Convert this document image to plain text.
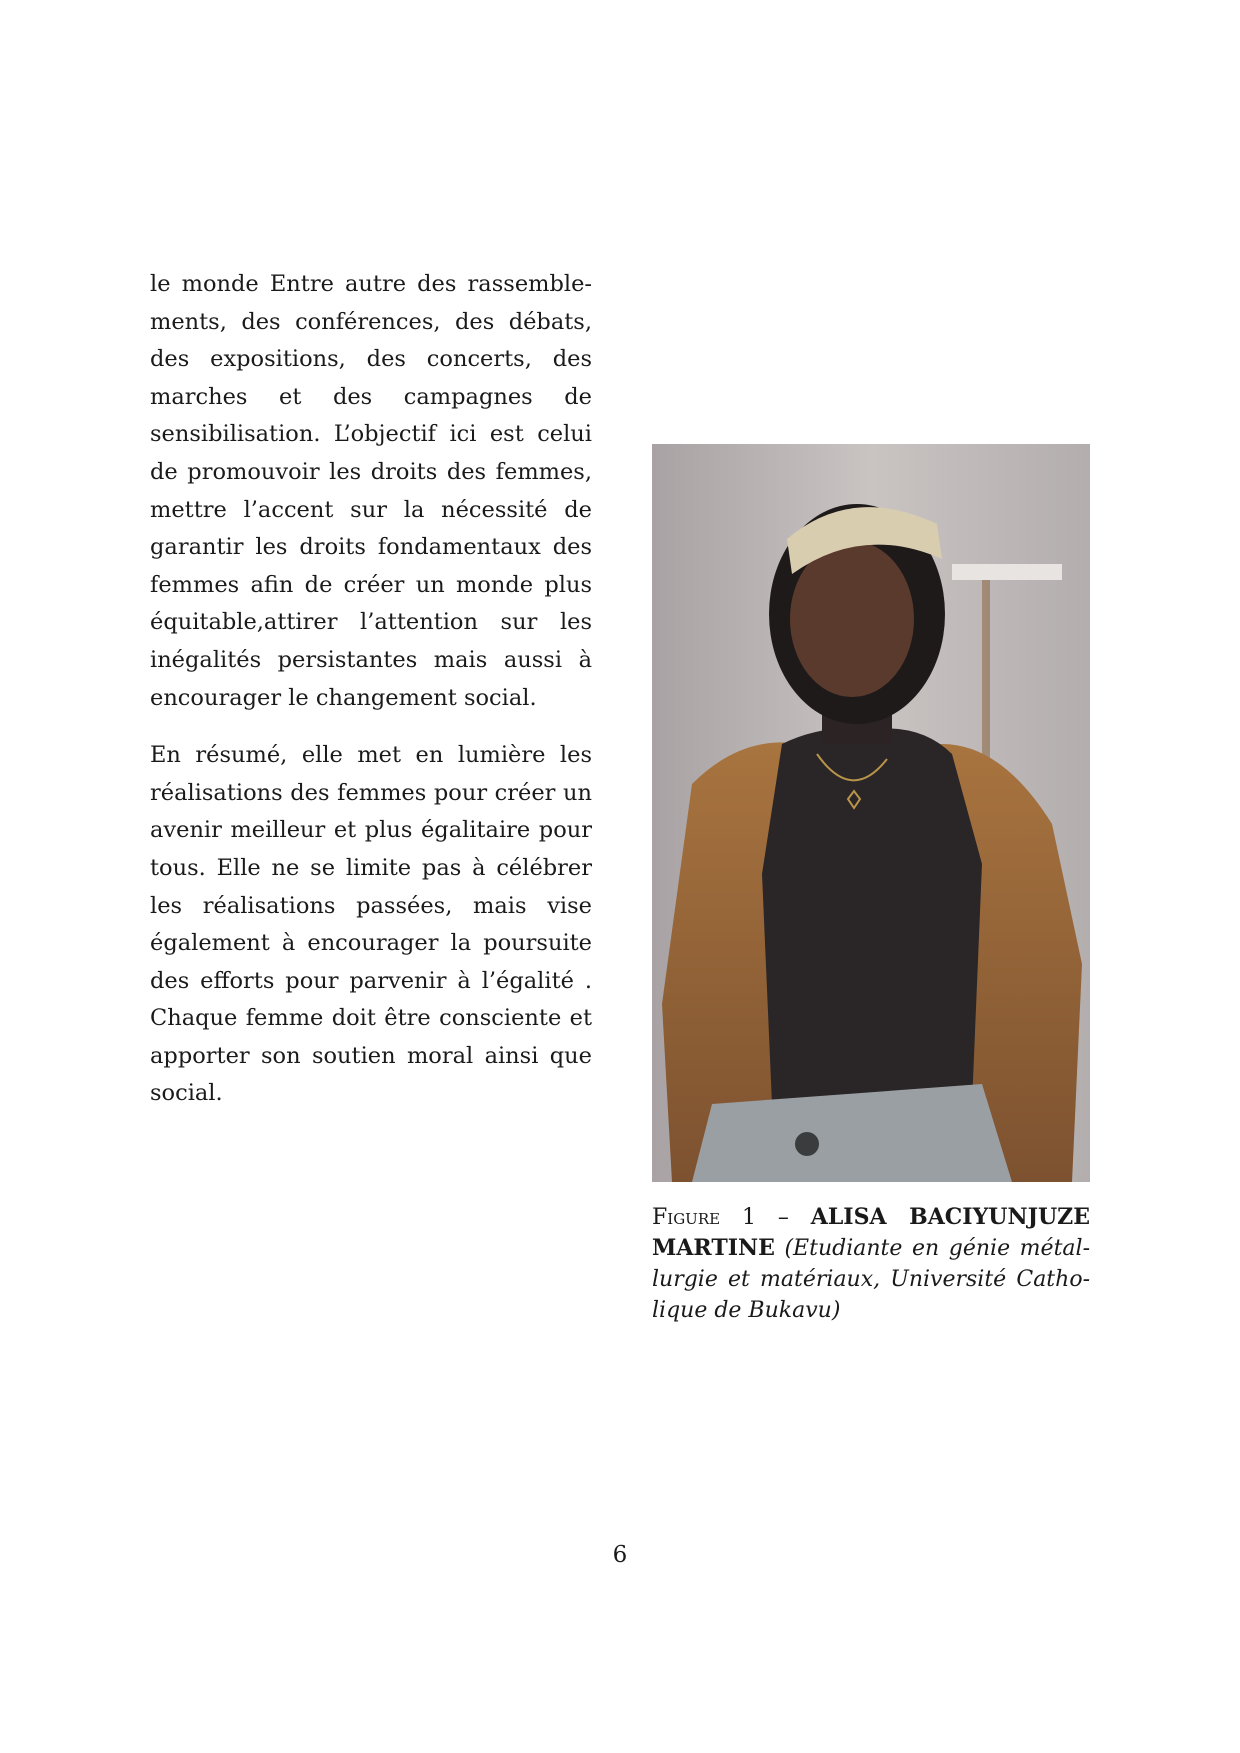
le monde Entre autre des rassemblements, des conférences, des débats, des expositions, des concerts, des marches et des campagnes de sensibilisation. L’objectif ici est celui de promouvoir les droits des femmes, mettre l’accent sur la nécessité de garantir les droits fondamentaux des femmes afin de créer un monde plus équitable,attirer l’attention sur les inégalités persistantes mais aussi à encourager le changement social.

En résumé, elle met en lumière les réalisations des femmes pour créer un avenir meilleur et plus égalitaire pour tous. Elle ne se limite pas à célébrer les réalisations passées, mais vise également à encourager la poursuite des efforts pour parvenir à l’égalité . Chaque femme doit être consciente et apporter son soutien moral ainsi que social.

Figure 1 – ALISA BACIYUNJUZE MARTINE (Etudiante en génie métallurgie et matériaux, Université Catholique de Bukavu)
6
